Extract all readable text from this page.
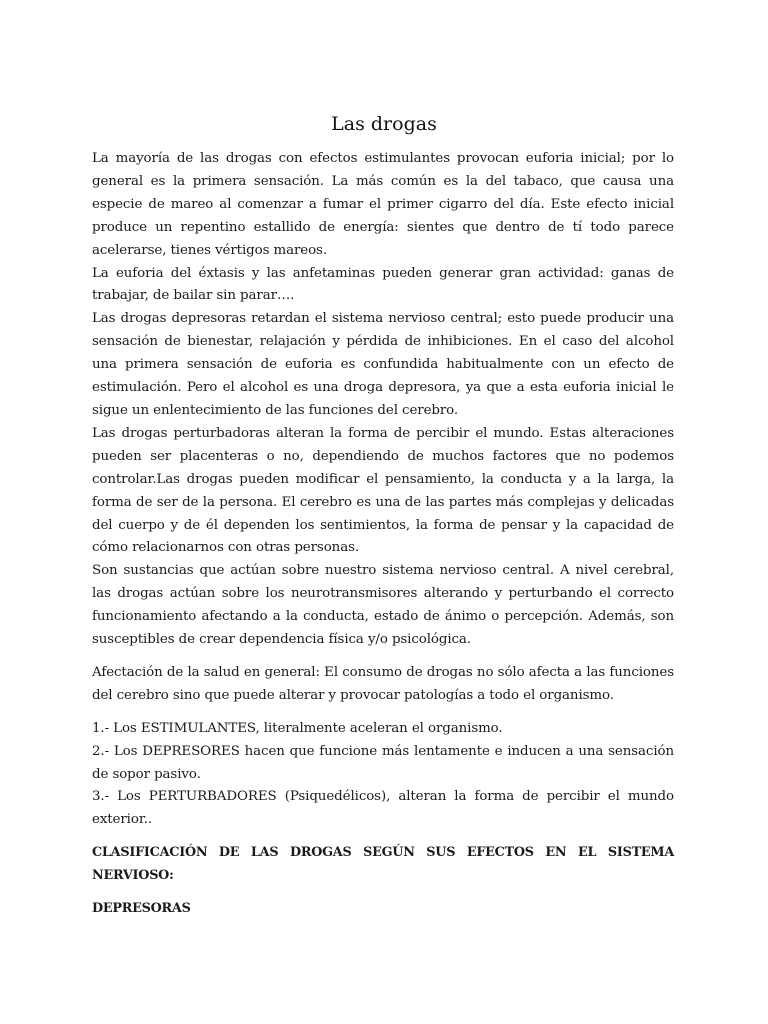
Las drogas

La mayoría de las drogas con efectos estimulantes provocan euforia inicial; por lo general es la primera sensación. La más común es la del tabaco, que causa una especie de mareo al comenzar a fumar el primer cigarro del día. Este efecto inicial produce un repentino estallido de energía: sientes que dentro de tí todo parece acelerarse, tienes vértigos mareos.

La euforia del éxtasis y las anfetaminas pueden generar gran actividad: ganas de trabajar, de bailar sin parar….

Las drogas depresoras retardan el sistema nervioso central; esto puede producir una sensación de bienestar, relajación y pérdida de inhibiciones. En el caso del alcohol una primera sensación de euforia es confundida habitualmente con un efecto de estimulación. Pero el alcohol es una droga depresora, ya que a esta euforia inicial le sigue un enlentecimiento de las funciones del cerebro.

Las drogas perturbadoras alteran la forma de percibir el mundo. Estas alteraciones pueden ser placenteras o no, dependiendo de muchos factores que no podemos controlar.Las drogas pueden modificar el pensamiento, la conducta y a la larga, la forma de ser de la persona. El cerebro es una de las partes más complejas y delicadas del cuerpo y de él dependen los sentimientos, la forma de pensar y la capacidad de cómo relacionarnos con otras personas.

Son sustancias que actúan sobre nuestro sistema nervioso central. A nivel cerebral, las drogas actúan sobre los neurotransmisores alterando y perturbando el correcto funcionamiento afectando a la conducta, estado de ánimo o percepción. Además, son susceptibles de crear dependencia física y/o psicológica.

Afectación de la salud en general: El consumo de drogas no sólo afecta a las funciones del cerebro sino que puede alterar y provocar patologías a todo el organismo.

1.- Los ESTIMULANTES, literalmente aceleran el organismo.

2.- Los DEPRESORES hacen que funcione más lentamente e inducen a una sensación de sopor pasivo.

3.- Los PERTURBADORES (Psiquedélicos), alteran la forma de percibir el mundo exterior..

CLASIFICACIÓN DE LAS DROGAS SEGÚN SUS EFECTOS EN EL SISTEMA NERVIOSO:

DEPRESORAS
